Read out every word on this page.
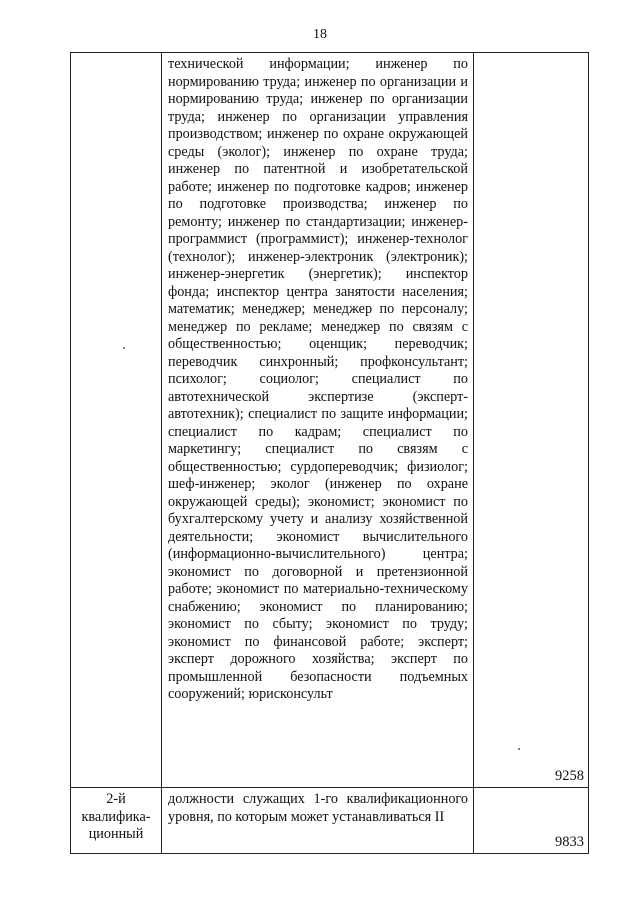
18

	технической информации; инженер по нормированию труда; инженер по организации и нормированию труда; инженер по организации труда; инженер по организации управления производством; инженер по охране окружающей среды (эколог); инженер по охране труда; инженер по патентной и изобретательской работе; инженер по подготовке кадров; инженер по подготовке производства; инженер по ремонту; инженер по стандартизации; инженер-программист (программист); инженер-технолог (технолог); инженер-электроник (электроник); инженер-энергетик (энергетик); инспектор фонда; инспектор центра занятости населения; математик; менеджер; менеджер по персоналу; менеджер по рекламе; менеджер по связям с общественностью; оценщик; переводчик; переводчик синхронный; профконсультант; психолог; социолог; специалист по автотехнической экспертизе (эксперт-автотехник); специалист по защите информации; специалист по кадрам; специалист по маркетингу; специалист по связям с общественностью; сурдопереводчик; физиолог; шеф-инженер; эколог (инженер по охране окружающей среды); экономист; экономист по бухгалтерскому учету и анализу хозяйственной деятельности; экономист вычислительного (информационно-вычислительного) центра; экономист по договорной и претензионной работе; экономист по материально-техническому снабжению; экономист по планированию; экономист по сбыту; экономист по труду; экономист по финансовой работе; эксперт; эксперт дорожного хозяйства; эксперт по промышленной безопасности подъемных сооружений; юрисконсульт	9258

2-й квалифика-ционный	должности служащих 1-го квалификационного уровня, по которым может устанавливаться II	9833
